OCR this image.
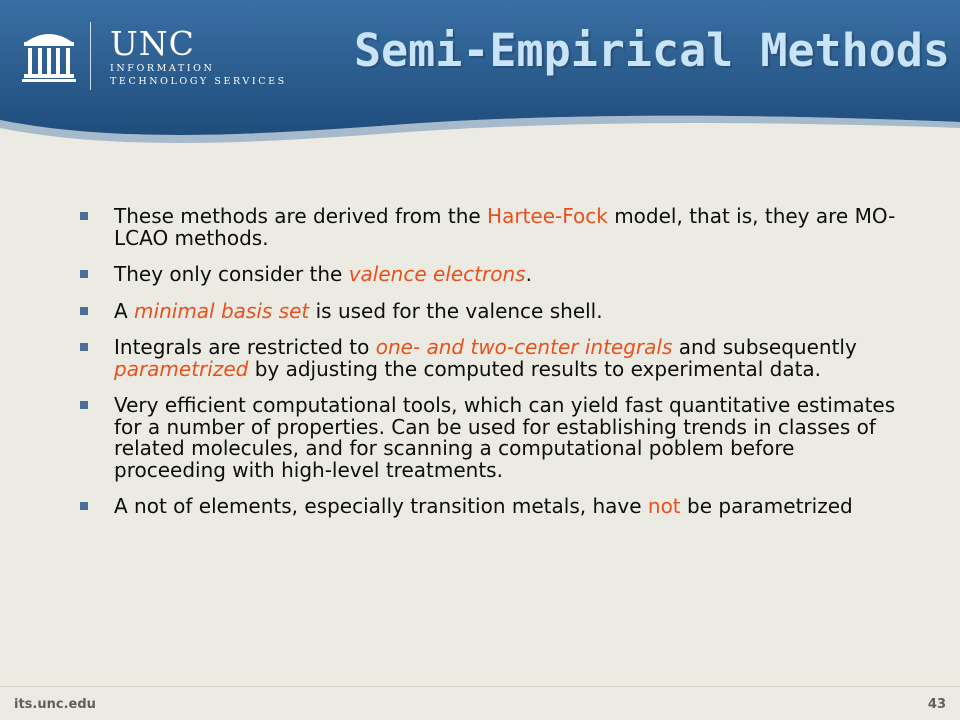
UNC
INFORMATION
TECHNOLOGY SERVICES
Semi-Empirical Methods
These methods are derived from the Hartee-Fock model, that is, they are MO-LCAO methods.
They only consider the valence electrons.
A minimal basis set is used for the valence shell.
Integrals are restricted to one- and two-center integrals and subsequently parametrized by adjusting the computed results to experimental data.
Very efficient computational tools, which can yield fast quantitative estimates for a number of properties. Can be used for establishing trends in classes of related molecules, and for scanning a computational poblem before proceeding with high-level treatments.
A not of elements, especially transition metals, have not be parametrized
its.unc.edu	43
